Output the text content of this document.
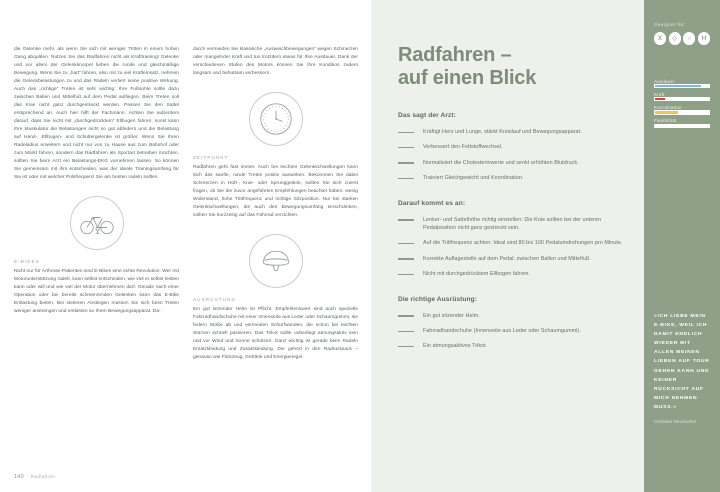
die Gelenke mehr, als wenn Sie sich mit weniger Tritten in einem hohen Gang abquälen. Nutzen Sie das Radfahren nicht als Krafttraining! Gelenke und vor allem der Gelenkknorpel lieben die runde und gleichmäßige Bewegung. Wenn Sie zu „hart“ fahren, also mit zu viel Krafteinsatz, nehmen die Gelenkbelastungen zu und das Radeln verliert seine positive Wirkung. Auch das „richtige“ Treten ist sehr wichtig: Ihre Fußsohle sollte dazu zwischen Ballen und Mittelfuß auf dem Pedal aufliegen. Beim Treten soll das Knie nicht ganz durchgestreckt werden. Passen Sie den Sattel entsprechend an. Auch hier hilft der Fachmann. Achten Sie außerdem darauf, dass Sie nicht mit „durchgedrücktem“ Ellbogen fahren, sonst kann Ihre Muskulatur die Belastungen nicht so gut abfedern und die Belastung auf Hand-, Ellbogen- und Schultergelenke ist größer. Wenn Sie Ihren Radeladius erweitern und nicht nur von zu Hause aus zum Bahnhof oder zum Markt fahren, sondern das Radfahren als Sportart betreiben möchten, sollten Sie beim Arzt ein Belastungs-EKG vornehmen lassen. So können Sie gemeinsam mit ihm entscheiden, was der ideale Trainingsumfang für Sie ist oder mit welcher Pulsfrequenz Sie am besten radeln sollten.
E-BIKES
Nicht nur für Arthrose-Patienten sind E-Bikes eine echte Revolution. Wer mit Motorunterstützung radelt, kann selbst entscheiden, wie viel er selbst leisten kann oder will und wie viel der Motor übernehmen darf. Gerade nach einer Operation oder bei bereits schmerzenden Gelenken kann das E-Bike Entlastung bieten. Bei steileren Anstiegen müssen Sie sich beim Treten weniger anstrengen und entlasten so Ihren Bewegungsapparat. Da-
durch vermeiden Sie klassische „Ausweichbewegungen“ wegen Schmerzen oder mangelnder Kraft und tun trotzdem etwas für Ihre Ausdauer. Dank der verschiedenen Stufen des Motors können Sie Ihre Kondition zudem langsam und behutsam verbessern.
ZEITPUNKT
Radfahren geht fast immer. Auch bei leichten Gelenkschwellungen kann sich das sanfte, runde Treten positiv auswirken. Bekommen Sie dabei Schmerzen in Hüft-, Knie- oder Sprunggelenk, sollten Sie sich zuerst fragen, ob Sie die zuvor angeführten Empfehlungen beachtet haben: wenig Widerstand, hohe Trittfrequenz und richtige Sitzposition. Nur bei starken Gelenkschwellungen, die auch den Bewegungsumfang einschränken, sollten Sie kurzzeitig auf das Fahrrad verzichten.
AUSRÜSTUNG
Ein gut sitzender Helm ist Pflicht. Empfehlenswert sind auch spezielle Fahrradhandschuhe mit einer Innenseite aus Leder oder Schaumgummi, sie federn Stöße ab und vermeiden Schürfwunden, die schon bei leichten Stürzen schnell passieren. Das Trikot sollte unbedingt atmungsaktiv sein und vor Wind und Sonne schützen. Ganz wichtig ist gerade beim Radeln Ersatzkleidung und Zusatzkleidung. Die gehört in den Radrucksack – genauso wie Flickzeug, Getränk und Energieriegel.
140 Radfahren
Radfahren –
auf einen Blick
Das sagt der Arzt:
Kräftigt Herz und Lunge, stärkt Kreislauf und Bewegungsapparat.
Verbessert den Fettstoffwechsel.
Normalisiert die Cholesterinwerte und senkt erhöhten Blutdruck.
Trainiert Gleichgewicht und Koordination.
Darauf kommt es an:
Lenker- und Sattelhöhe richtig einstellen: Die Knie sollten bei der unteren Pedalposition nicht ganz gestreckt sein.
Auf die Trittfrequenz achten: Ideal sind 80 bis 100 Pedalumdrehungen pro Minute.
Korrekte Auflagestelle auf dem Pedal: zwischen Ballen und Mittelfuß.
Nicht mit durchgedrücktem Ellbogen fahren.
Die richtige Ausrüstung:
Ein gut sitzender Helm.
Fahrradhandschuhe (Innenseite aus Leder oder Schaumgummi).
Ein atmungsaktives Trikot.
Geeignet für:
X	◇	○	H
Ausdauer
Kraft
Koordination
Flexibilität
»ICH LIEBE MEIN E-BIKE, WEIL ICH DAMIT ENDLICH WIEDER MIT ALLEN MEINEN LIEBEN AUF TOUR GEHEN KANN UND KEINER RÜCKSICHT AUF MICH NEHMEN MUSS.«
Christian Neureuther
